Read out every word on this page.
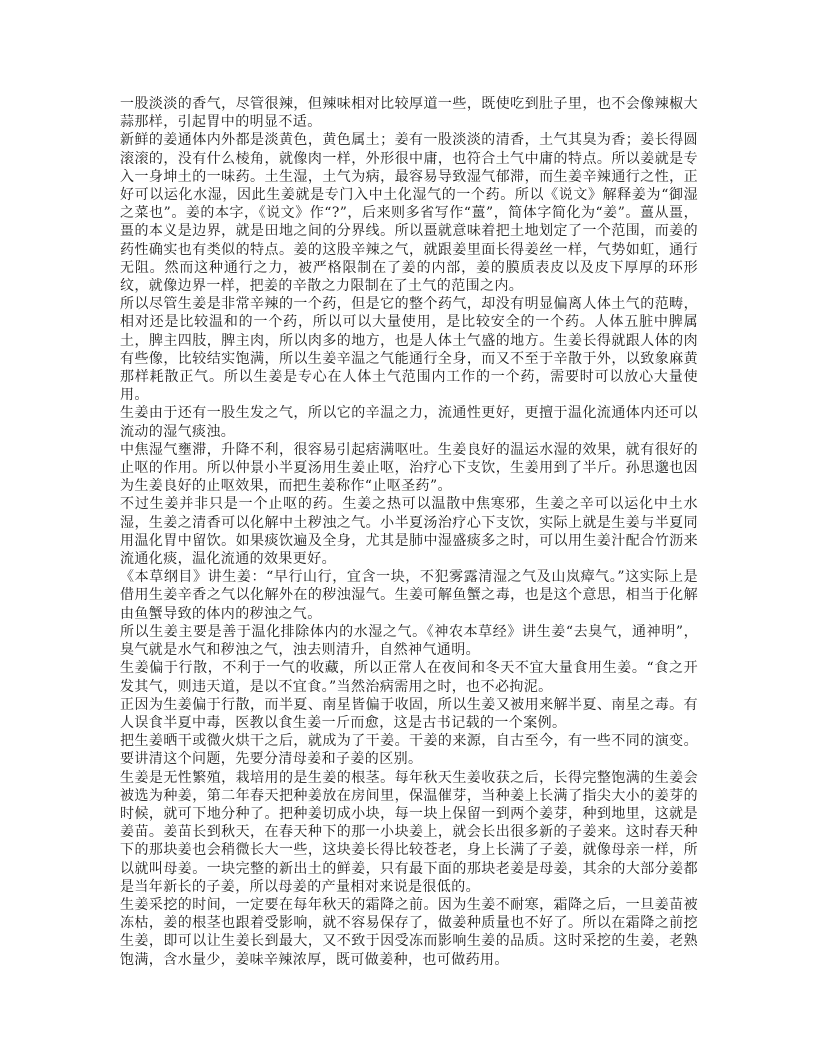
一股淡淡的香气，尽管很辣，但辣味相对比较厚道一些，既使吃到肚子里，也不会像辣椒大蒜那样，引起胃中的明显不适。

新鲜的姜通体内外都是淡黄色，黄色属土；姜有一股淡淡的清香，土气其臭为香；姜长得圆滚滚的，没有什么棱角，就像肉一样，外形很中庸，也符合土气中庸的特点。所以姜就是专入一身坤土的一味药。土生湿，土气为病，最容易导致湿气郁滞，而生姜辛辣通行之性，正好可以运化水湿，因此生姜就是专门入中土化湿气的一个药。所以《说文》解释姜为“御湿之菜也”。姜的本字，《说文》作“?”，后来则多省写作“薑”，简体字简化为“姜”。薑从畺，畺的本义是边界，就是田地之间的分界线。所以畺就意味着把土地划定了一个范围，而姜的药性确实也有类似的特点。姜的这股辛辣之气，就跟姜里面长得姜丝一样，气势如虹，通行无阻。然而这种通行之力，被严格限制在了姜的内部，姜的膜质表皮以及皮下厚厚的环形纹，就像边界一样，把姜的辛散之力限制在了土气的范围之内。

所以尽管生姜是非常辛辣的一个药，但是它的整个药气，却没有明显偏离人体土气的范畴，相对还是比较温和的一个药，所以可以大量使用，是比较安全的一个药。人体五脏中脾属土，脾主四肢，脾主肉，所以肉多的地方，也是人体土气盛的地方。生姜长得就跟人体的肉有些像，比较结实饱满，所以生姜辛温之气能通行全身，而又不至于辛散于外，以致象麻黄那样耗散正气。所以生姜是专心在人体土气范围内工作的一个药，需要时可以放心大量使用。

生姜由于还有一股生发之气，所以它的辛温之力，流通性更好，更擅于温化流通体内还可以流动的湿气痰浊。

中焦湿气壅滞，升降不利，很容易引起痞满呕吐。生姜良好的温运水湿的效果，就有很好的止呕的作用。所以仲景小半夏汤用生姜止呕，治疗心下支饮，生姜用到了半斤。孙思邈也因为生姜良好的止呕效果，而把生姜称作“止呕圣药”。

不过生姜并非只是一个止呕的药。生姜之热可以温散中焦寒邪，生姜之辛可以运化中土水湿，生姜之清香可以化解中土秽浊之气。小半夏汤治疗心下支饮，实际上就是生姜与半夏同用温化胃中留饮。如果痰饮遍及全身，尤其是肺中湿盛痰多之时，可以用生姜汁配合竹沥来流通化痰，温化流通的效果更好。

《本草纲目》讲生姜：“早行山行，宜含一块，不犯雾露清湿之气及山岚瘴气。”这实际上是借用生姜辛香之气以化解外在的秽浊湿气。生姜可解鱼蟹之毒，也是这个意思，相当于化解由鱼蟹导致的体内的秽浊之气。

所以生姜主要是善于温化排除体内的水湿之气。《神农本草经》讲生姜“去臭气，通神明”，臭气就是水气和秽浊之气，浊去则清升，自然神气通明。

生姜偏于行散，不利于一气的收藏，所以正常人在夜间和冬天不宜大量食用生姜。“食之开发其气，则违天道，是以不宜食。”当然治病需用之时，也不必拘泥。

正因为生姜偏于行散，而半夏、南星皆偏于收固，所以生姜又被用来解半夏、南星之毒。有人误食半夏中毒，医教以食生姜一斤而愈，这是古书记载的一个案例。

把生姜晒干或微火烘干之后，就成为了干姜。干姜的来源，自古至今，有一些不同的演变。要讲清这个问题，先要分清母姜和子姜的区别。

生姜是无性繁殖，栽培用的是生姜的根茎。每年秋天生姜收获之后，长得完整饱满的生姜会被选为种姜，第二年春天把种姜放在房间里，保温催芽，当种姜上长满了指尖大小的姜芽的时候，就可下地分种了。把种姜切成小块，每一块上保留一到两个姜芽，种到地里，这就是姜苗。姜苗长到秋天，在春天种下的那一小块姜上，就会长出很多新的子姜来。这时春天种下的那块姜也会稍微长大一些，这块姜长得比较苍老，身上长满了子姜，就像母亲一样，所以就叫母姜。一块完整的新出土的鲜姜，只有最下面的那块老姜是母姜，其余的大部分姜都是当年新长的子姜，所以母姜的产量相对来说是很低的。

生姜采挖的时间，一定要在每年秋天的霜降之前。因为生姜不耐寒，霜降之后，一旦姜苗被冻枯，姜的根茎也跟着受影响，就不容易保存了，做姜种质量也不好了。所以在霜降之前挖生姜，即可以让生姜长到最大，又不致于因受冻而影响生姜的品质。这时采挖的生姜，老熟饱满，含水量少，姜味辛辣浓厚，既可做姜种，也可做药用。
